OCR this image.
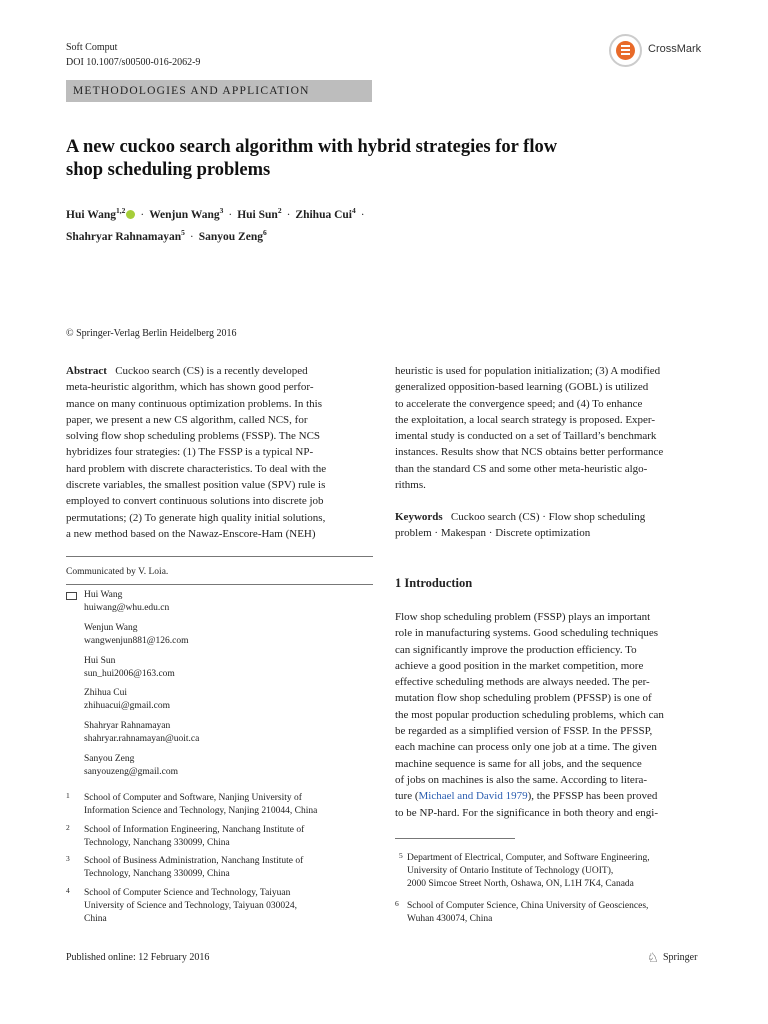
Soft Comput
DOI 10.1007/s00500-016-2062-9
CrossMark
METHODOLOGIES AND APPLICATION
A new cuckoo search algorithm with hybrid strategies for flow
shop scheduling problems
Hui Wang$^{1,2}$ · Wenjun Wang$^3$ · Hui Sun$^2$ · Zhihua Cui$^4$ ·
Shahryar Rahnamayan$^5$ · Sanyou Zeng$^6$
© Springer-Verlag Berlin Heidelberg 2016
Abstract Cuckoo search (CS) is a recently developed
meta-heuristic algorithm, which has shown good perfor-
mance on many continuous optimization problems. In this
paper, we present a new CS algorithm, called NCS, for
solving flow shop scheduling problems (FSSP). The NCS
hybridizes four strategies: (1) The FSSP is a typical NP-
hard problem with discrete characteristics. To deal with the
discrete variables, the smallest position value (SPV) rule is
employed to convert continuous solutions into discrete job
permutations; (2) To generate high quality initial solutions,
a new method based on the Nawaz-Enscore-Ham (NEH)
heuristic is used for population initialization; (3) A modified
generalized opposition-based learning (GOBL) is utilized
to accelerate the convergence speed; and (4) To enhance
the exploitation, a local search strategy is proposed. Exper-
imental study is conducted on a set of Taillard’s benchmark
instances. Results show that NCS obtains better performance
than the standard CS and some other meta-heuristic algo-
rithms.
Keywords Cuckoo search (CS) · Flow shop scheduling
problem · Makespan · Discrete optimization
Communicated by V. Loia.
Hui Wang
huiwang@whu.edu.cn
Wenjun Wang
wangwenjun881@126.com
Hui Sun
sun_hui2006@163.com
Zhihua Cui
zhihuacui@gmail.com
Shahryar Rahnamayan
shahryar.rahnamayan@uoit.ca
Sanyou Zeng
sanyouzeng@gmail.com
1 School of Computer and Software, Nanjing University of
Information Science and Technology, Nanjing 210044, China
2 School of Information Engineering, Nanchang Institute of
Technology, Nanchang 330099, China
3 School of Business Administration, Nanchang Institute of
Technology, Nanchang 330099, China
4 School of Computer Science and Technology, Taiyuan
University of Science and Technology, Taiyuan 030024,
China
1 Introduction
Flow shop scheduling problem (FSSP) plays an important
role in manufacturing systems. Good scheduling techniques
can significantly improve the production efficiency. To
achieve a good position in the market competition, more
effective scheduling methods are always needed. The per-
mutation flow shop scheduling problem (PFSSP) is one of
the most popular production scheduling problems, which can
be regarded as a simplified version of FSSP. In the PFSSP,
each machine can process only one job at a time. The given
machine sequence is same for all jobs, and the sequence
of jobs on machines is also the same. According to litera-
ture (Michael and David 1979), the PFSSP has been proved
to be NP-hard. For the significance in both theory and engi-
5 Department of Electrical, Computer, and Software Engineering,
University of Ontario Institute of Technology (UOIT),
2000 Simcoe Street North, Oshawa, ON, L1H 7K4, Canada
6 School of Computer Science, China University of Geosciences,
Wuhan 430074, China
Published online: 12 February 2016	♘ Springer
